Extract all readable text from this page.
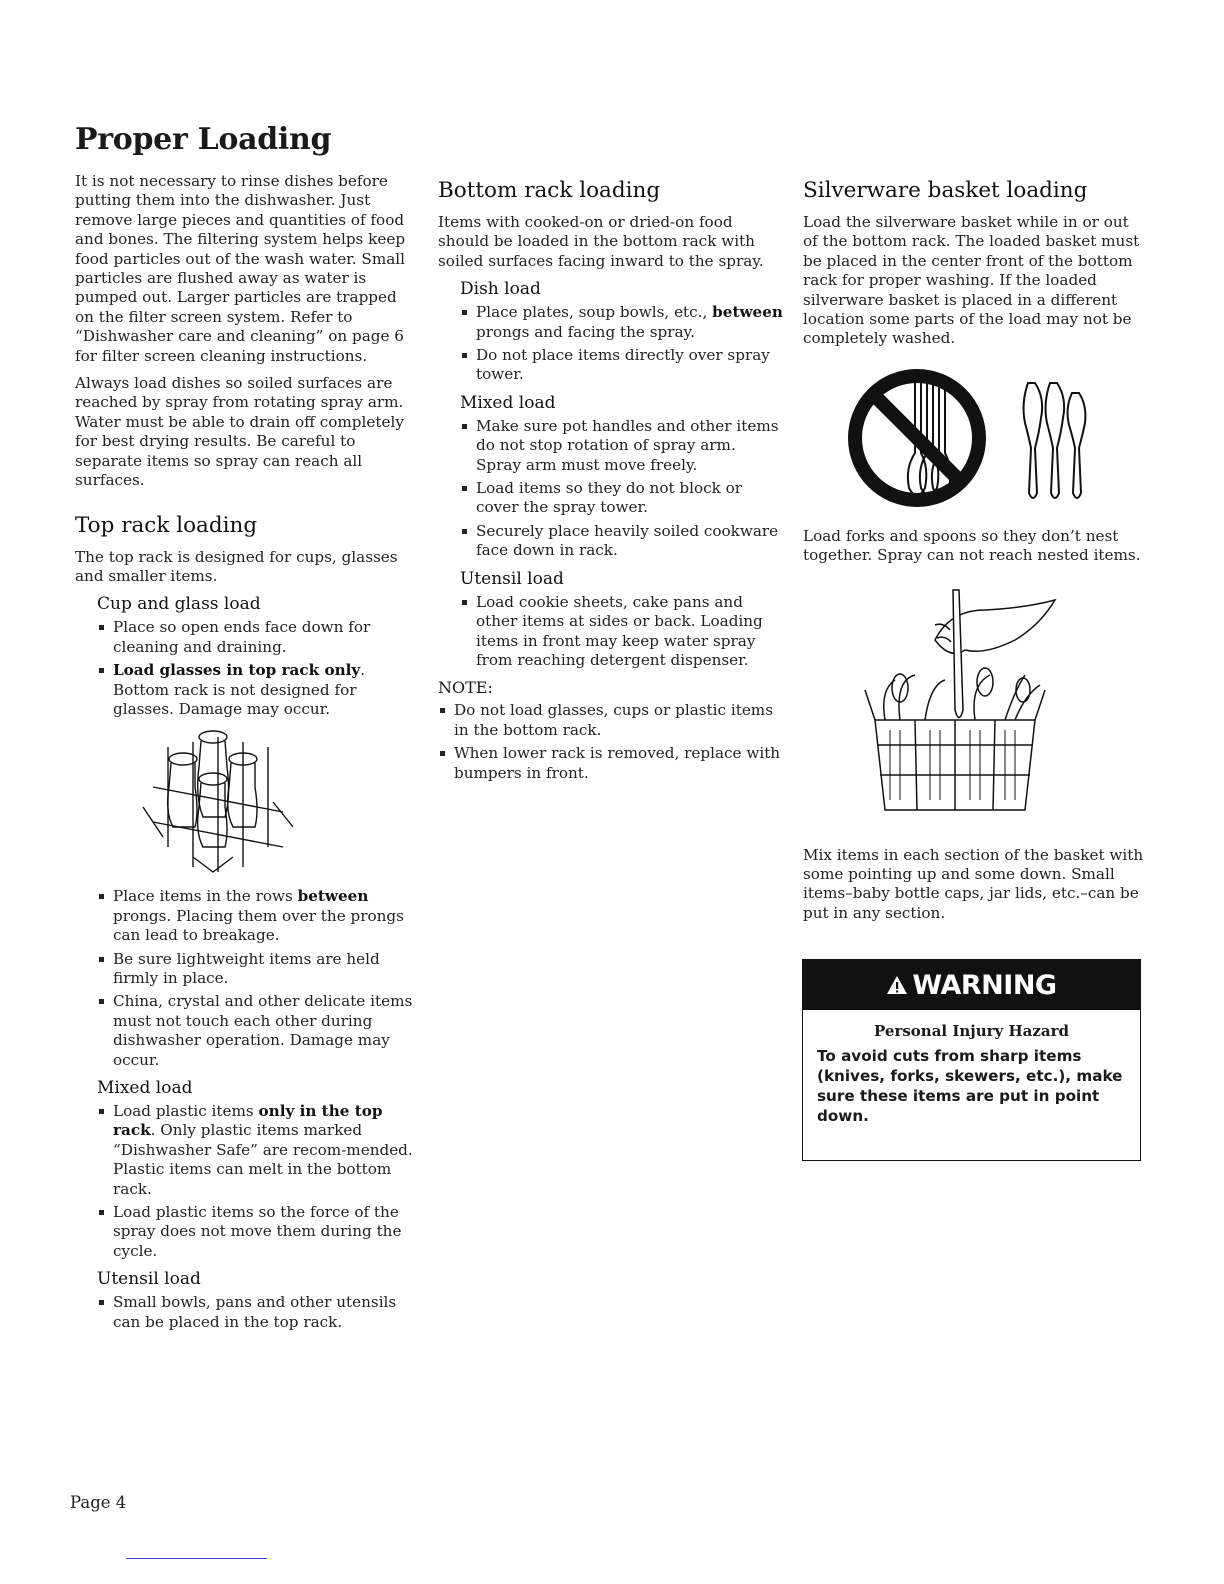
Proper Loading

It is not necessary to rinse dishes before putting them into the dishwasher. Just remove large pieces and quantities of food and bones. The filtering system helps keep food particles out of the wash water. Small particles are flushed away as water is pumped out. Larger particles are trapped on the filter screen system. Refer to “Dishwasher care and cleaning” on page 6 for filter screen cleaning instructions.

Always load dishes so soiled surfaces are reached by spray from rotating spray arm. Water must be able to drain off completely for best drying results. Be careful to separate items so spray can reach all surfaces.

Top rack loading

The top rack is designed for cups, glasses and smaller items.

Cup and glass load
Place so open ends face down for cleaning and draining.
Load glasses in top rack only. Bottom rack is not designed for glasses. Damage may occur.
Place items in the rows between prongs. Placing them over the prongs can lead to breakage.
Be sure lightweight items are held firmly in place.
China, crystal and other delicate items must not touch each other during dishwasher operation. Damage may occur.
Mixed load
Load plastic items only in the top rack. Only plastic items marked “Dishwasher Safe” are recom-mended. Plastic items can melt in the bottom rack.
Load plastic items so the force of the spray does not move them during the cycle.
Utensil load
Small bowls, pans and other utensils can be placed in the top rack.
Bottom rack loading

Items with cooked-on or dried-on food should be loaded in the bottom rack with soiled surfaces facing inward to the spray.

Dish load
Place plates, soup bowls, etc., between prongs and facing the spray.
Do not place items directly over spray tower.
Mixed load
Make sure pot handles and other items do not stop rotation of spray arm. Spray arm must move freely.
Load items so they do not block or cover the spray tower.
Securely place heavily soiled cookware face down in rack.
Utensil load
Load cookie sheets, cake pans and other items at sides or back. Loading items in front may keep water spray from reaching detergent dispenser.
NOTE:
Do not load glasses, cups or plastic items in the bottom rack.
When lower rack is removed, replace with bumpers in front.
Silverware basket loading

Load the silverware basket while in or out of the bottom rack. The loaded basket must be placed in the center front of the bottom rack for proper washing. If the loaded silverware basket is placed in a different location some parts of the load may not be completely washed.

Load forks and spoons so they don’t nest together. Spray can not reach nested items.

Mix items in each section of the basket with some pointing up and some down. Small items–baby bottle caps, jar lids, etc.–can be put in any section.

WARNING
Personal Injury Hazard
To avoid cuts from sharp items (knives, forks, skewers, etc.), make sure these items are put in point down.
Page 4
